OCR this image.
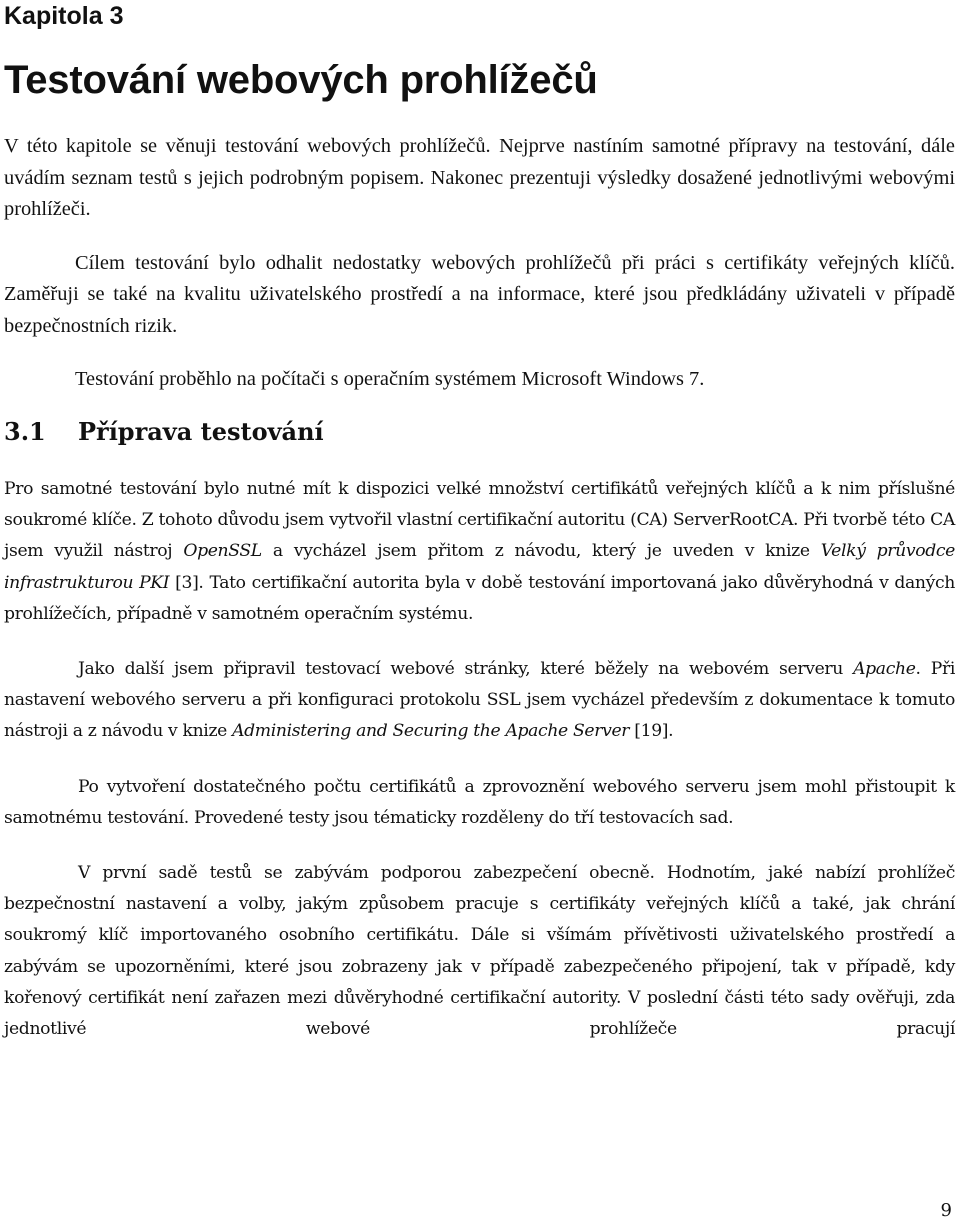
Kapitola 3
Testování webových prohlížečů

V této kapitole se věnuji testování webových prohlížečů. Nejprve nastíním samotné přípravy na testování, dále uvádím seznam testů s jejich podrobným popisem. Nakonec prezentuji výsledky dosažené jednotlivými webovými prohlížeči.

Cílem testování bylo odhalit nedostatky webových prohlížečů při práci s certifikáty veřejných klíčů. Zaměřuji se také na kvalitu uživatelského prostředí a na informace, které jsou předkládány uživateli v případě bezpečnostních rizik.

Testování proběhlo na počítači s operačním systémem Microsoft Windows 7.

3.1 Příprava testování

Pro samotné testování bylo nutné mít k dispozici velké množství certifikátů veřejných klíčů a k nim příslušné soukromé klíče. Z tohoto důvodu jsem vytvořil vlastní certifikační autoritu (CA) ServerRootCA. Při tvorbě této CA jsem využil nástroj OpenSSL a vycházel jsem přitom z návodu, který je uveden v knize Velký průvodce infrastrukturou PKI [3]. Tato certifikační autorita byla v době testování importovaná jako důvěryhodná v daných prohlížečích, případně v samotném operačním systému.

Jako další jsem připravil testovací webové stránky, které běžely na webovém serveru Apache. Při nastavení webového serveru a při konfiguraci protokolu SSL jsem vycházel především z dokumentace k tomuto nástroji a z návodu v knize Administering and Securing the Apache Server [19].

Po vytvoření dostatečného počtu certifikátů a zprovoznění webového serveru jsem mohl přistoupit k samotnému testování. Provedené testy jsou tématicky rozděleny do tří testovacích sad.

V první sadě testů se zabývám podporou zabezpečení obecně. Hodnotím, jaké nabízí prohlížeč bezpečnostní nastavení a volby, jakým způsobem pracuje s certifikáty veřejných klíčů a také, jak chrání soukromý klíč importovaného osobního certifikátu. Dále si všímám přívětivosti uživatelského prostředí a zabývám se upozorněními, které jsou zobrazeny jak v případě zabezpečeného připojení, tak v případě, kdy kořenový certifikát není zařazen mezi důvěryhodné certifikační autority. V poslední části této sady ověřuji, zda jednotlivé webové prohlížeče pracují

9
